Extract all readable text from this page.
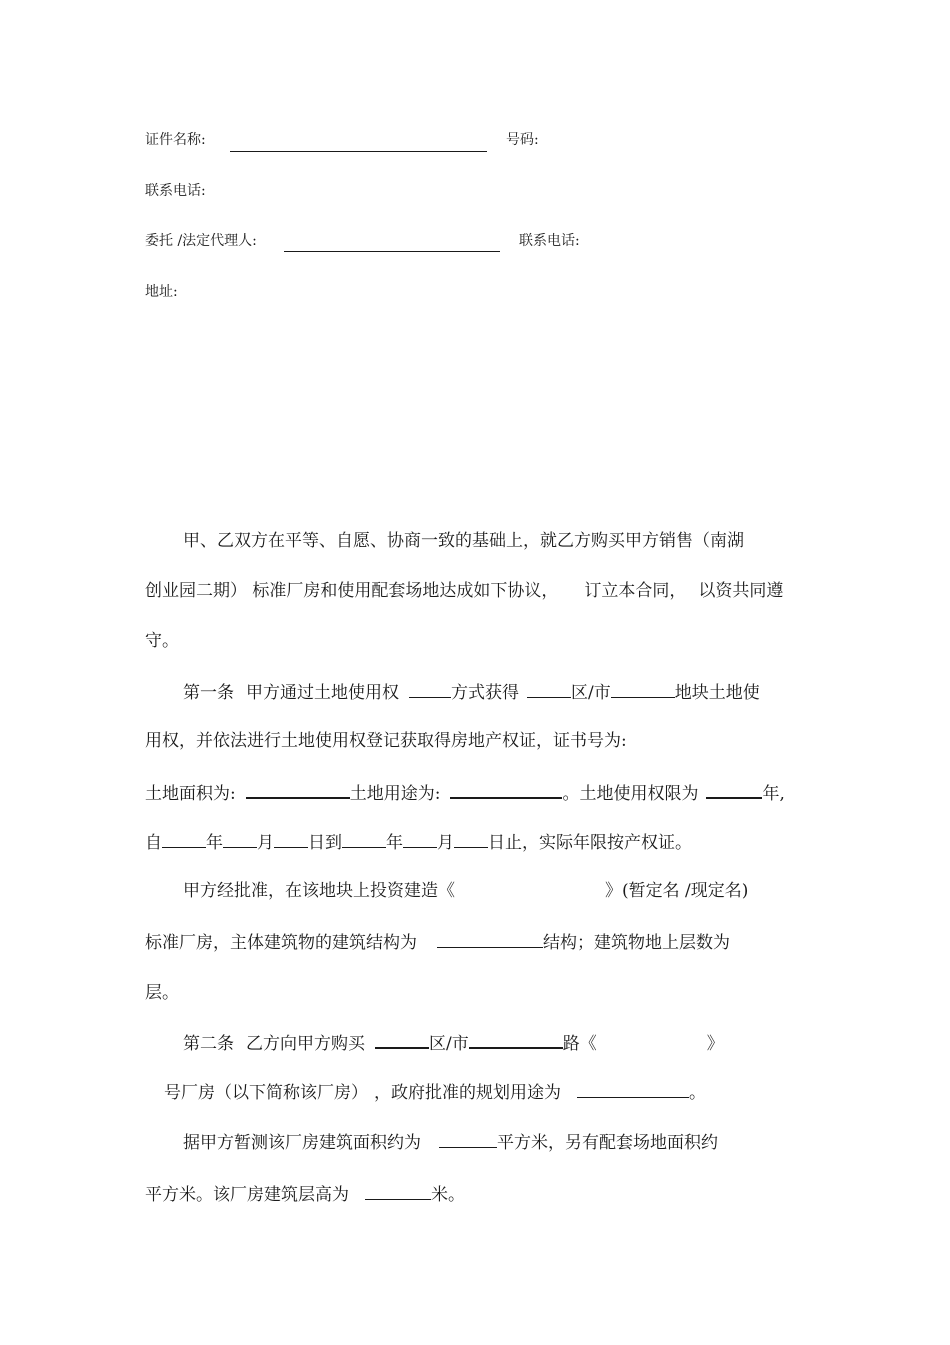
证件名称:	号码:
联系电话:
委托 /法定代理人:	联系电话:
地址:
甲、乙双方在平等、自愿、协商一致的基础上，就乙方购买甲方销售（南湖
创业园二期） 标准厂房和使用配套场地达成如下协议， 订立本合同， 以资共同遵
守。
第一条 甲方通过土地使用权	方式获得	区/市	地块土地使
用权，并依法进行土地使用权登记获取得房地产权证，证书号为:
土地面积为:	土地用途为:	。土地使用权限为	年,
自	年 月 日到	年 月 日止，实际年限按产权证。
甲方经批准，在该地块上投资建造《	》(暂定名 /现定名)
标准厂房，主体建筑物的建筑结构为	结构；建筑物地上层数为
层。
第二条 乙方向甲方购买	区/市	路《	》
号厂房（以下简称该厂房） ，政府批准的规划用途为	。
据甲方暂测该厂房建筑面积约为	平方米，另有配套场地面积约
平方米。该厂房建筑层高为	米。
